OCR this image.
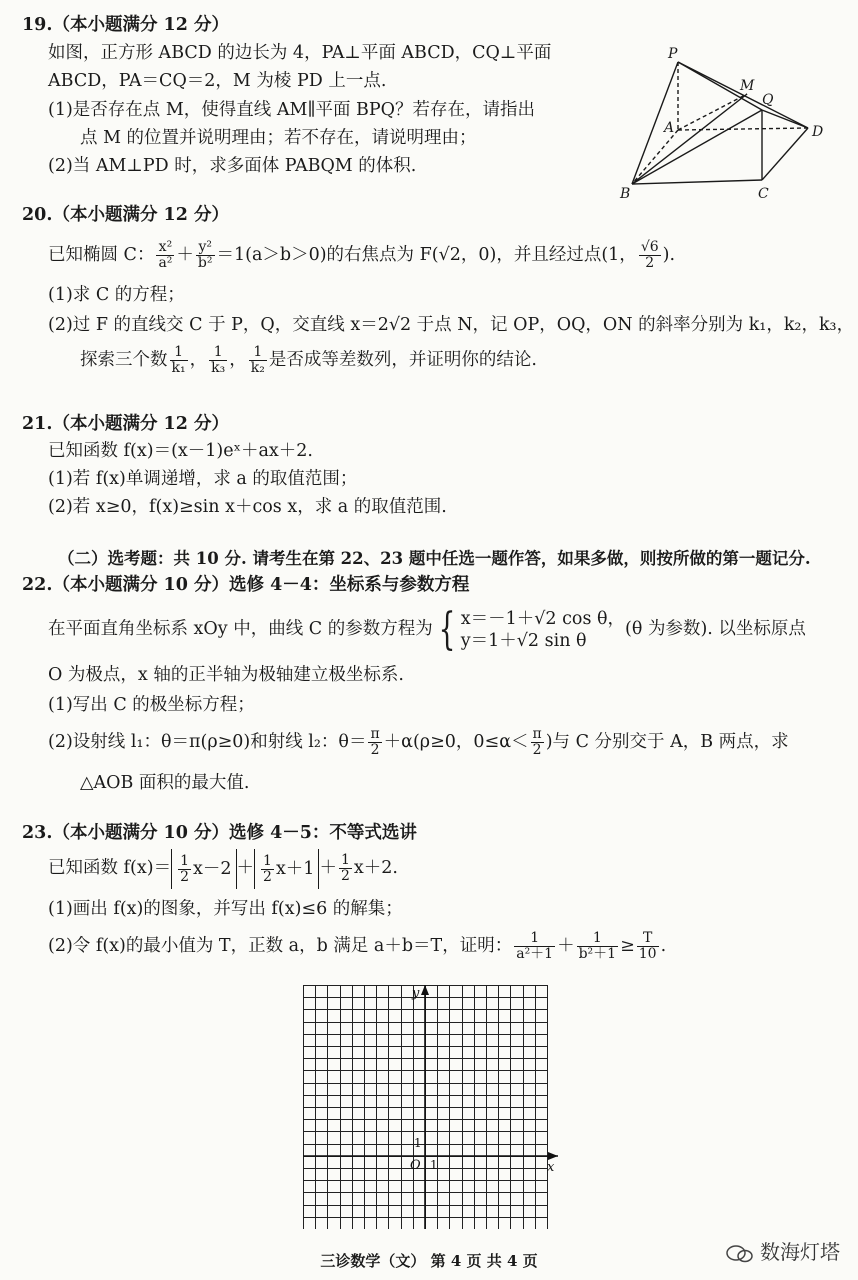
19.（本小题满分 12 分）
如图，正方形 ABCD 的边长为 4，PA⊥平面 ABCD，CQ⊥平面
ABCD，PA＝CQ＝2，M 为棱 PD 上一点.
(1)是否存在点 M，使得直线 AM∥平面 BPQ？若存在，请指出
点 M 的位置并说明理由；若不存在，请说明理由；
(2)当 AM⊥PD 时，求多面体 PABQM 的体积.
P
M
Q
A	D
B	C
20.（本小题满分 12 分）
已知椭圆 C： $\frac{\text{x²}}{\text{a²}} + \frac{\text{y²}}{\text{b²}} =1(a>b>0)$的右焦点为 F(√2，0)，并且经过点(1， $\frac{√6}{2}$ ).
(1)求 C 的方程；
(2)过 F 的直线交 C 于 P，Q，交直线 x＝2√2 于点 N，记 OP，OQ，ON 的斜率分别为 k₁，k₂，k₃，
探索三个数 $\frac{1}{\text{k₁}}$ ， $\frac{1}{\text{k₃}}$ ， $\frac{1}{\text{k₂}}$ 是否成等差数列，并证明你的结论.
21.（本小题满分 12 分）
已知函数 f(x)＝(x－1)eˣ＋ax＋2.
(1)若 f(x)单调递增，求 a 的取值范围；
(2)若 x≥0，f(x)≥sin x＋cos x，求 a 的取值范围.
（二）选考题：共 10 分. 请考生在第 22、23 题中任选一题作答，如果多做，则按所做的第一题记分.
22.（本小题满分 10 分）选修 4－4：坐标系与参数方程
在平面直角坐标系 xOy 中，曲线 C 的参数方程为 { x＝－1＋√2 cos θ，
y＝1＋√2 sin θ
(θ 为参数). 以坐标原点
O 为极点，x 轴的正半轴为极轴建立极坐标系.
(1)写出 C 的极坐标方程；
(2)设射线 l₁：θ＝π(ρ≥0)和射线 l₂：$\theta= \frac{\pi}{2} +\alpha(\rho\ge 0$，$0\le\alpha< \frac{\pi}{2}$ )与 C 分别交于 A，B 两点，求
△AOB 面积的最大值.
23.（本小题满分 10 分）选修 4－5：不等式选讲
已知函数 $f(x)= \frac{1}{2} x-2 + \frac{1}{2} x+1 + \frac{1}{2} x+2$.
(1)画出 f(x)的图象，并写出 f(x)≤6 的解集；
(2)令 f(x)的最小值为 T，正数 a，b 满足 a＋b＝T，证明： $\frac{1}{\text{a²＋1}} + \frac{1}{\text{b²＋1}} \ge \frac{T}{10}$ .
y
x
O 1
1
三诊数学（文） 第 4 页 共 4 页	数海灯塔
